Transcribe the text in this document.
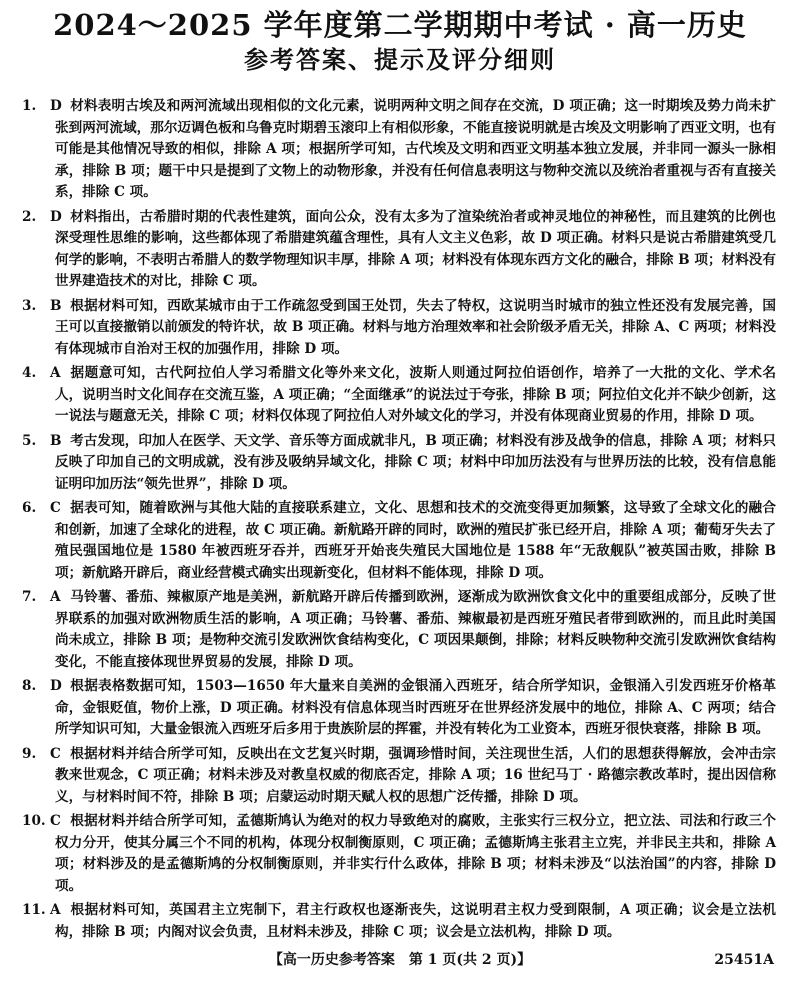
2024～2025 学年度第二学期期中考试 · 高一历史
参考答案、提示及评分细则

1. D 材料表明古埃及和两河流域出现相似的文化元素，说明两种文明之间存在交流，D 项正确；这一时期埃及势力尚未扩张到两河流域，那尔迈调色板和乌鲁克时期碧玉滚印上有相似形象，不能直接说明就是古埃及文明影响了西亚文明，也有可能是其他情况导致的相似，排除 A 项；根据所学可知，古代埃及文明和西亚文明基本独立发展，并非同一源头一脉相承，排除 B 项；题干中只是提到了文物上的动物形象，并没有任何信息表明这与物种交流以及统治者重视与否有直接关系，排除 C 项。

2. D 材料指出，古希腊时期的代表性建筑，面向公众，没有太多为了渲染统治者或神灵地位的神秘性，而且建筑的比例也深受理性思维的影响，这些都体现了希腊建筑蕴含理性，具有人文主义色彩，故 D 项正确。材料只是说古希腊建筑受几何学的影响，不表明古希腊人的数学物理知识丰厚，排除 A 项；材料没有体现东西方文化的融合，排除 B 项；材料没有世界建造技术的对比，排除 C 项。

3. B 根据材料可知，西欧某城市由于工作疏忽受到国王处罚，失去了特权，这说明当时城市的独立性还没有发展完善，国王可以直接撤销以前颁发的特许状，故 B 项正确。材料与地方治理效率和社会阶级矛盾无关，排除 A、C 两项；材料没有体现城市自治对王权的加强作用，排除 D 项。

4. A 据题意可知，古代阿拉伯人学习希腊文化等外来文化，波斯人则通过阿拉伯语创作，培养了一大批的文化、学术名人，说明当时文化间存在交流互鉴，A 项正确；“全面继承”的说法过于夸张，排除 B 项；阿拉伯文化并不缺少创新，这一说法与题意无关，排除 C 项；材料仅体现了阿拉伯人对外域文化的学习，并没有体现商业贸易的作用，排除 D 项。

5. B 考古发现，印加人在医学、天文学、音乐等方面成就非凡，B 项正确；材料没有涉及战争的信息，排除 A 项；材料只反映了印加自己的文明成就，没有涉及吸纳异域文化，排除 C 项；材料中印加历法没有与世界历法的比较，没有信息能证明印加历法“领先世界”，排除 D 项。

6. C 据表可知，随着欧洲与其他大陆的直接联系建立，文化、思想和技术的交流变得更加频繁，这导致了全球文化的融合和创新，加速了全球化的进程，故 C 项正确。新航路开辟的同时，欧洲的殖民扩张已经开启，排除 A 项；葡萄牙失去了殖民强国地位是 1580 年被西班牙吞并，西班牙开始丧失殖民大国地位是 1588 年“无敌舰队”被英国击败，排除 B 项；新航路开辟后，商业经营模式确实出现新变化，但材料不能体现，排除 D 项。

7. A 马铃薯、番茄、辣椒原产地是美洲，新航路开辟后传播到欧洲，逐渐成为欧洲饮食文化中的重要组成部分，反映了世界联系的加强对欧洲物质生活的影响，A 项正确；马铃薯、番茄、辣椒最初是西班牙殖民者带到欧洲的，而且此时美国尚未成立，排除 B 项；是物种交流引发欧洲饮食结构变化，C 项因果颠倒，排除；材料反映物种交流引发欧洲饮食结构变化，不能直接体现世界贸易的发展，排除 D 项。

8. D 根据表格数据可知，1503—1650 年大量来自美洲的金银涌入西班牙，结合所学知识，金银涌入引发西班牙价格革命，金银贬值，物价上涨，D 项正确。材料没有信息体现当时西班牙在世界经济发展中的地位，排除 A、C 两项；结合所学知识可知，大量金银流入西班牙后多用于贵族阶层的挥霍，并没有转化为工业资本，西班牙很快衰落，排除 B 项。

9. C 根据材料并结合所学可知，反映出在文艺复兴时期，强调珍惜时间，关注现世生活，人们的思想获得解放，会冲击宗教来世观念，C 项正确；材料未涉及对教皇权威的彻底否定，排除 A 项；16 世纪马丁 · 路德宗教改革时，提出因信称义，与材料时间不符，排除 B 项；启蒙运动时期天赋人权的思想广泛传播，排除 D 项。

10. C 根据材料并结合所学可知，孟德斯鸠认为绝对的权力导致绝对的腐败，主张实行三权分立，把立法、司法和行政三个权力分开，使其分属三个不同的机构，体现分权制衡原则，C 项正确；孟德斯鸠主张君主立宪，并非民主共和，排除 A 项；材料涉及的是孟德斯鸠的分权制衡原则，并非实行什么政体，排除 B 项；材料未涉及“以法治国”的内容，排除 D 项。

11. A 根据材料可知，英国君主立宪制下，君主行政权也逐渐丧失，这说明君主权力受到限制，A 项正确；议会是立法机构，排除 B 项；内阁对议会负责，且材料未涉及，排除 C 项；议会是立法机构，排除 D 项。

【高一历史参考答案　第 1 页(共 2 页)】	25451A
